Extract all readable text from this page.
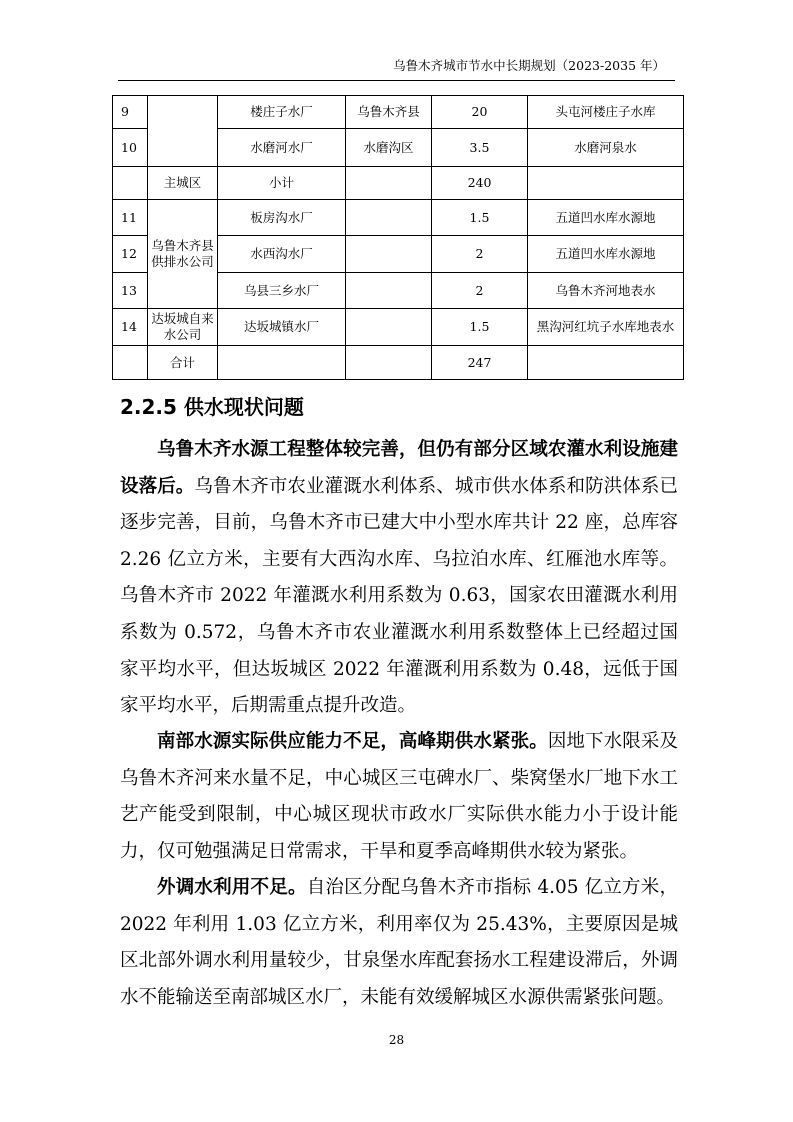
乌鲁木齐城市节水中长期规划（2023-2035 年）
9		楼庄子水厂	乌鲁木齐县	20	头屯河楼庄子水库
10		水磨河水厂	水磨沟区	3.5	水磨河泉水
	主城区	小计		240	
11	乌鲁木齐县供排水公司	板房沟水厂		1.5	五道凹水库水源地
12		水西沟水厂		2	五道凹水库水源地
13		乌县三乡水厂		2	乌鲁木齐河地表水
14	达坂城自来水公司	达坂城镇水厂		1.5	黑沟河红坑子水库地表水
	合计			247	
2.2.5 供水现状问题
乌鲁木齐水源工程整体较完善，但仍有部分区域农灌水利设施建设落后。乌鲁木齐市农业灌溉水利体系、城市供水体系和防洪体系已逐步完善，目前，乌鲁木齐市已建大中小型水库共计 22 座，总库容 2.26 亿立方米，主要有大西沟水库、乌拉泊水库、红雁池水库等。乌鲁木齐市 2022 年灌溉水利用系数为 0.63，国家农田灌溉水利用系数为 0.572，乌鲁木齐市农业灌溉水利用系数整体上已经超过国家平均水平，但达坂城区 2022 年灌溉利用系数为 0.48，远低于国家平均水平，后期需重点提升改造。
南部水源实际供应能力不足，高峰期供水紧张。因地下水限采及乌鲁木齐河来水量不足，中心城区三屯碑水厂、柴窝堡水厂地下水工艺产能受到限制，中心城区现状市政水厂实际供水能力小于设计能力，仅可勉强满足日常需求，干旱和夏季高峰期供水较为紧张。
外调水利用不足。自治区分配乌鲁木齐市指标 4.05 亿立方米，2022 年利用 1.03 亿立方米，利用率仅为 25.43%，主要原因是城区北部外调水利用量较少，甘泉堡水库配套扬水工程建设滞后，外调水不能输送至南部城区水厂，未能有效缓解城区水源供需紧张问题。
28
